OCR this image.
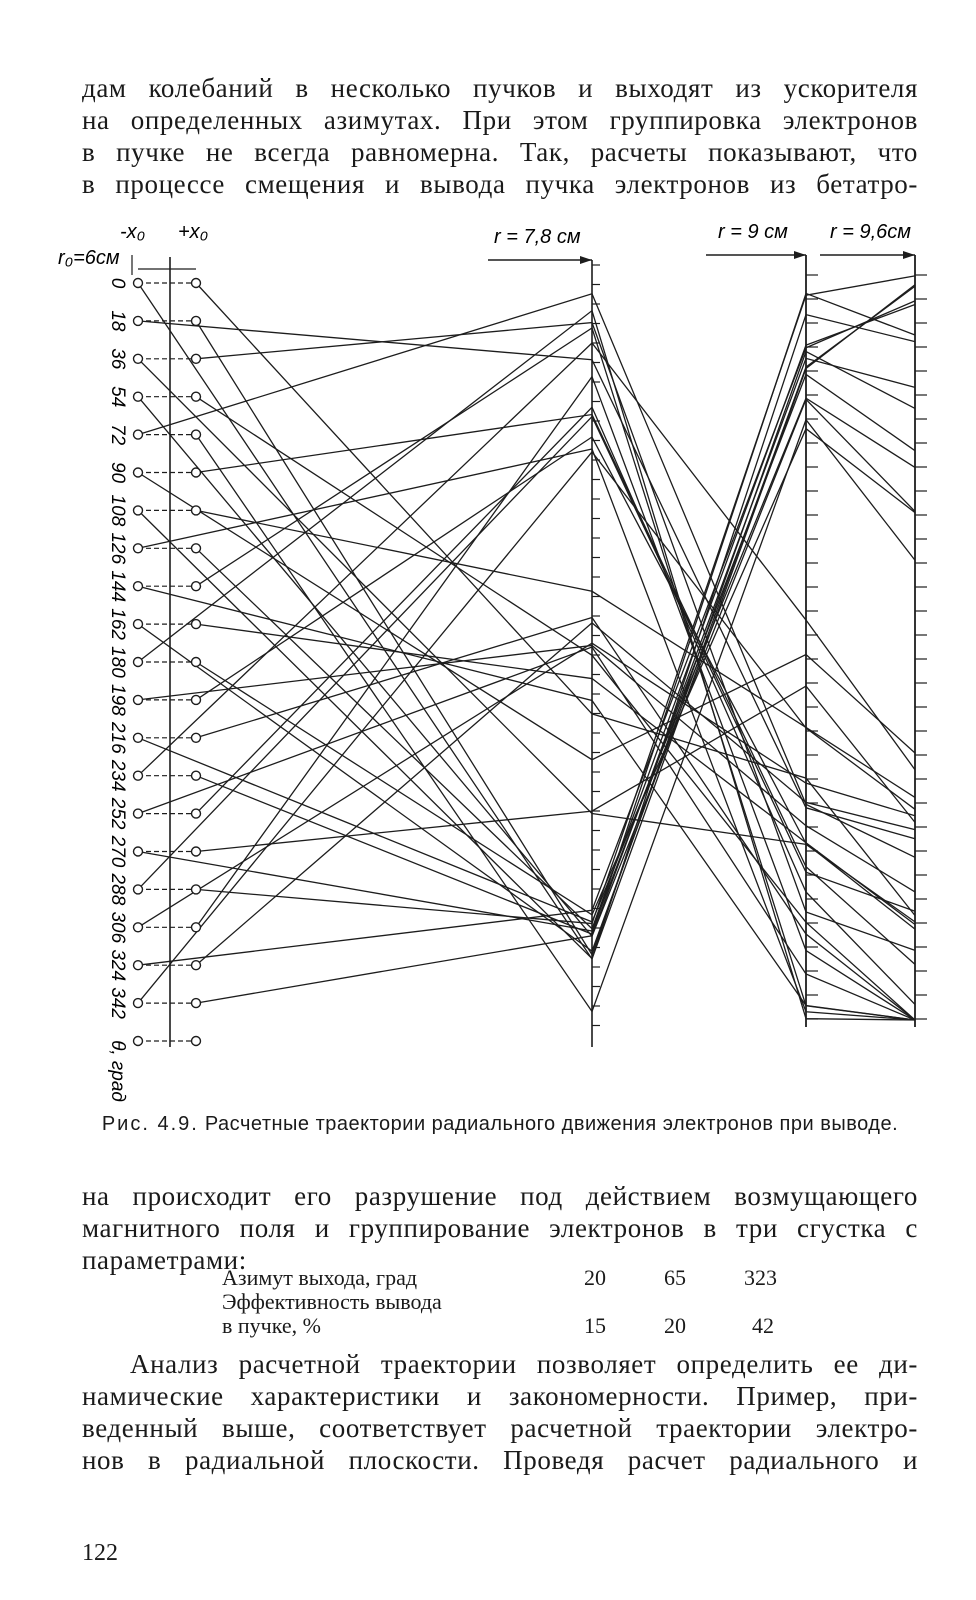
дам колебаний в несколько пучков и выходят из ускорителя
на определенных азимутах. При этом группировка электронов
в пучке не всегда равномерна. Так, расчеты показывают, что
в процессе смещения и вывода пучка электронов из бетатро-
-x₀ +x₀
r₀=6см
r = 7,8 см	r = 9 см r = 9,6см
0
18
36
54
72
90
108
126
144
162
180
198
216
234
252
270
288
306
324
342
θ, град
Рис. 4.9. Расчетные траектории радиального движения электронов при выводе.
на происходит его разрушение под действием возмущающего
магнитного поля и группирование электронов в три сгустка с
параметрами:
Азимут выхода, град	20	65	323
Эффективность вывода
в пучке, %	15	20	42
Анализ расчетной траектории позволяет определить ее ди-
намические характеристики и закономерности. Пример, при-
веденный выше, соответствует расчетной траектории электро-
нов в радиальной плоскости. Проведя расчет радиального и
122
